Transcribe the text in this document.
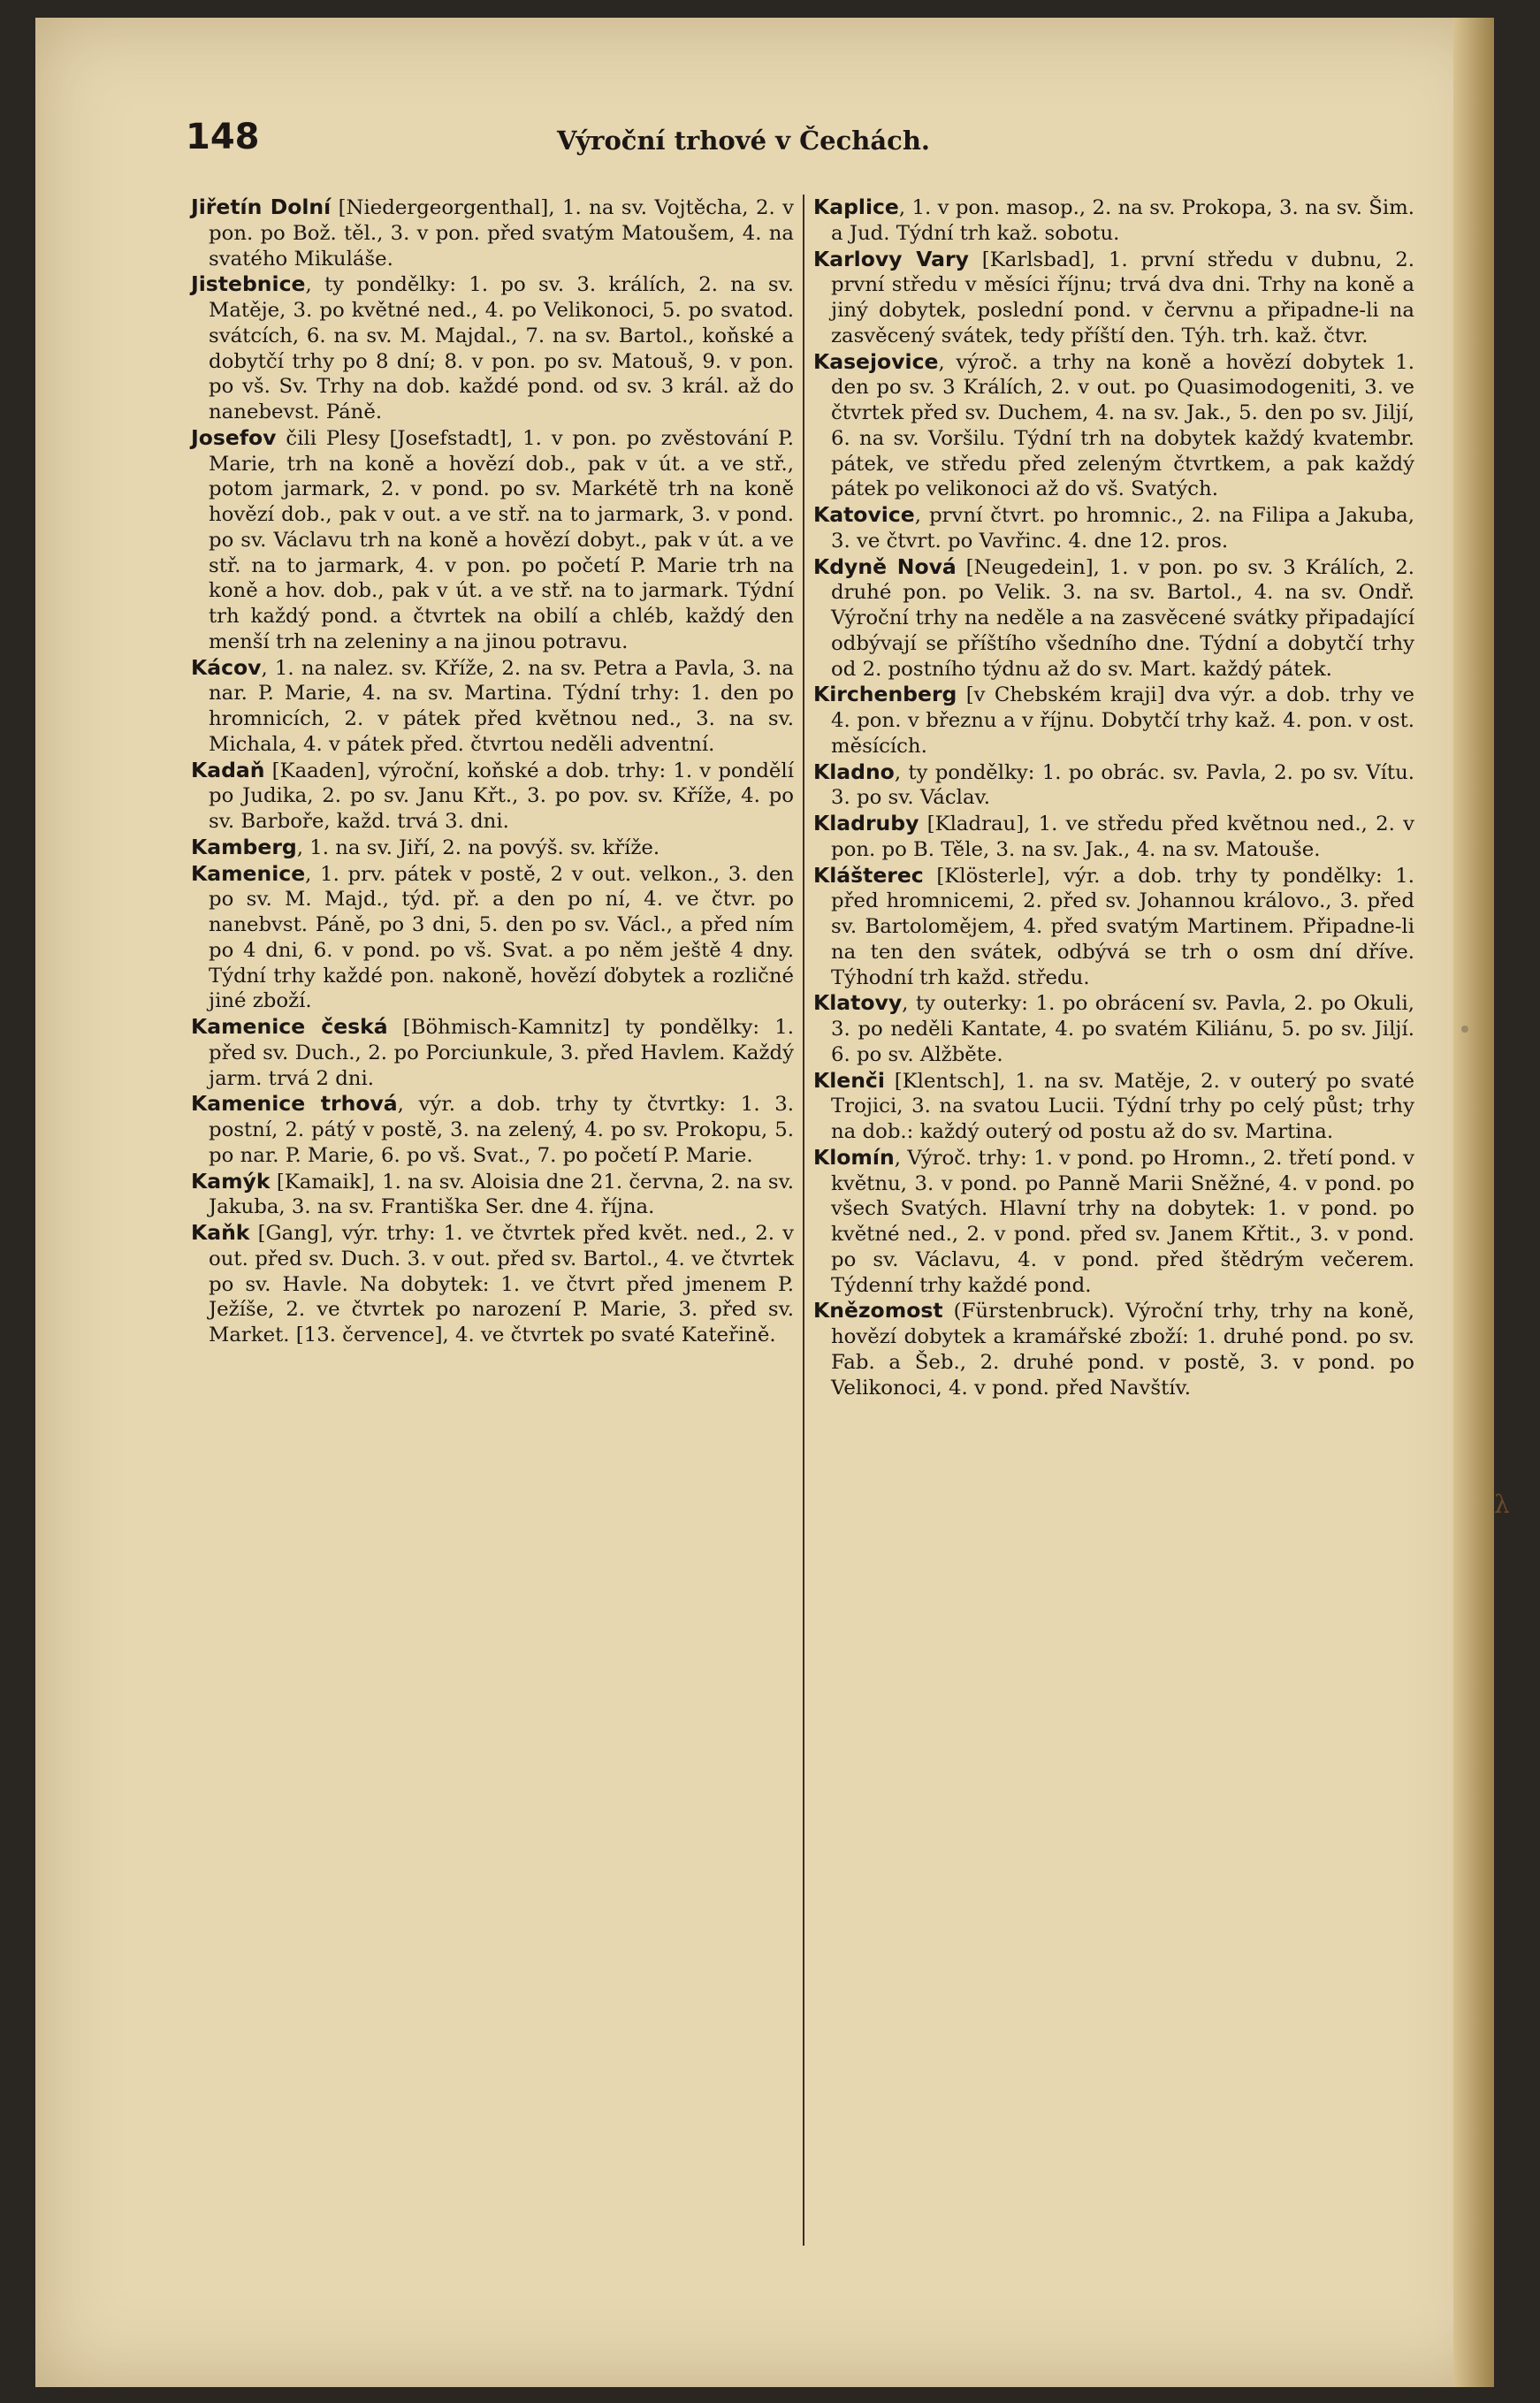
148	Výroční trhové v Čechách.

Jiřetín Dolní [Niedergeorgenthal], 1. na sv. Vojtěcha, 2. v pon. po Bož. těl., 3. v pon. před svatým Matoušem, 4. na svatého Mikuláše.

Jistebnice, ty pondělky: 1. po sv. 3. králích, 2. na sv. Matěje, 3. po květné ned., 4. po Velikonoci, 5. po svatod. svátcích, 6. na sv. M. Majdal., 7. na sv. Bartol., koňské a dobytčí trhy po 8 dní; 8. v pon. po sv. Matouš, 9. v pon. po vš. Sv. Trhy na dob. každé pond. od sv. 3 král. až do nanebevst. Páně.

Josefov čili Plesy [Josefstadt], 1. v pon. po zvěstování P. Marie, trh na koně a hovězí dob., pak v út. a ve stř., potom jarmark, 2. v pond. po sv. Markétě trh na koně hovězí dob., pak v out. a ve stř. na to jarmark, 3. v pond. po sv. Václavu trh na koně a hovězí dobyt., pak v út. a ve stř. na to jarmark, 4. v pon. po početí P. Marie trh na koně a hov. dob., pak v út. a ve stř. na to jarmark. Týdní trh každý pond. a čtvrtek na obilí a chléb, každý den menší trh na zeleniny a na jinou potravu.

Kácov, 1. na nalez. sv. Kříže, 2. na sv. Petra a Pavla, 3. na nar. P. Marie, 4. na sv. Martina. Týdní trhy: 1. den po hromnicích, 2. v pátek před květnou ned., 3. na sv. Michala, 4. v pátek před. čtvrtou neděli adventní.

Kadaň [Kaaden], výroční, koňské a dob. trhy: 1. v pondělí po Judika, 2. po sv. Janu Křt., 3. po pov. sv. Kříže, 4. po sv. Barboře, každ. trvá 3. dni.

Kamberg, 1. na sv. Jiří, 2. na povýš. sv. kříže.

Kamenice, 1. prv. pátek v postě, 2 v out. velkon., 3. den po sv. M. Majd., týd. př. a den po ní, 4. ve čtvr. po nanebvst. Páně, po 3 dni, 5. den po sv. Václ., a před ním po 4 dni, 6. v pond. po vš. Svat. a po něm ještě 4 dny. Týdní trhy každé pon. nakoně, hovězí ďobytek a rozličné jiné zboží.

Kamenice česká [Böhmisch-Kamnitz] ty pondělky: 1. před sv. Duch., 2. po Porciunkule, 3. před Havlem. Každý jarm. trvá 2 dni.

Kamenice trhová, výr. a dob. trhy ty čtvrtky: 1. 3. postní, 2. pátý v postě, 3. na zelený, 4. po sv. Prokopu, 5. po nar. P. Marie, 6. po vš. Svat., 7. po početí P. Marie.

Kamýk [Kamaik], 1. na sv. Aloisia dne 21. června, 2. na sv. Jakuba, 3. na sv. Františka Ser. dne 4. října.

Kaňk [Gang], výr. trhy: 1. ve čtvrtek před květ. ned., 2. v out. před sv. Duch. 3. v out. před sv. Bartol., 4. ve čtvrtek po sv. Havle. Na dobytek: 1. ve čtvrt před jmenem P. Ježíše, 2. ve čtvrtek po narození P. Marie, 3. před sv. Market. [13. července], 4. ve čtvrtek po svaté Kateřině.

Kaplice, 1. v pon. masop., 2. na sv. Prokopa, 3. na sv. Šim. a Jud. Týdní trh kaž. sobotu.

Karlovy Vary [Karlsbad], 1. první středu v dubnu, 2. první středu v měsíci říjnu; trvá dva dni. Trhy na koně a jiný dobytek, poslední pond. v červnu a připadne-li na zasvěcený svátek, tedy příští den. Týh. trh. kaž. čtvr.

Kasejovice, výroč. a trhy na koně a hovězí dobytek 1. den po sv. 3 Králích, 2. v out. po Quasimodogeniti, 3. ve čtvrtek před sv. Duchem, 4. na sv. Jak., 5. den po sv. Jiljí, 6. na sv. Voršilu. Týdní trh na dobytek každý kvatembr. pátek, ve středu před zeleným čtvrtkem, a pak každý pátek po velikonoci až do vš. Svatých.

Katovice, první čtvrt. po hromnic., 2. na Filipa a Jakuba, 3. ve čtvrt. po Vavřinc. 4. dne 12. pros.

Kdyně Nová [Neugedein], 1. v pon. po sv. 3 Králích, 2. druhé pon. po Velik. 3. na sv. Bartol., 4. na sv. Ondř. Výroční trhy na neděle a na zasvěcené svátky připadající odbývají se příštího všedního dne. Týdní a dobytčí trhy od 2. postního týdnu až do sv. Mart. každý pátek.

Kirchenberg [v Chebském kraji] dva výr. a dob. trhy ve 4. pon. v březnu a v říjnu. Dobytčí trhy kaž. 4. pon. v ost. měsících.

Kladno, ty pondělky: 1. po obrác. sv. Pavla, 2. po sv. Vítu. 3. po sv. Václav.

Kladruby [Kladrau], 1. ve středu před květnou ned., 2. v pon. po B. Těle, 3. na sv. Jak., 4. na sv. Matouše.

Klášterec [Klösterle], výr. a dob. trhy ty pondělky: 1. před hromnicemi, 2. před sv. Johannou královo., 3. před sv. Bartolomějem, 4. před svatým Martinem. Připadne-li na ten den svátek, odbývá se trh o osm dní dříve. Týhodní trh každ. středu.

Klatovy, ty outerky: 1. po obrácení sv. Pavla, 2. po Okuli, 3. po neděli Kantate, 4. po svatém Kiliánu, 5. po sv. Jiljí. 6. po sv. Alžběte.

Klenči [Klentsch], 1. na sv. Matěje, 2. v outerý po svaté Trojici, 3. na svatou Lucii. Týdní trhy po celý půst; trhy na dob.: každý outerý od postu až do sv. Martina.

Klomín, Výroč. trhy: 1. v pond. po Hromn., 2. třetí pond. v květnu, 3. v pond. po Panně Marii Sněžné, 4. v pond. po všech Svatých. Hlavní trhy na dobytek: 1. v pond. po květné ned., 2. v pond. před sv. Janem Křtit., 3. v pond. po sv. Václavu, 4. v pond. před štědrým večerem. Týdenní trhy každé pond.

Knězomost (Fürstenbruck). Výroční trhy, trhy na koně, hovězí dobytek a kramářské zboží: 1. druhé pond. po sv. Fab. a Šeb., 2. druhé pond. v postě, 3. v pond. po Velikonoci, 4. v pond. před Navštív.

λ
